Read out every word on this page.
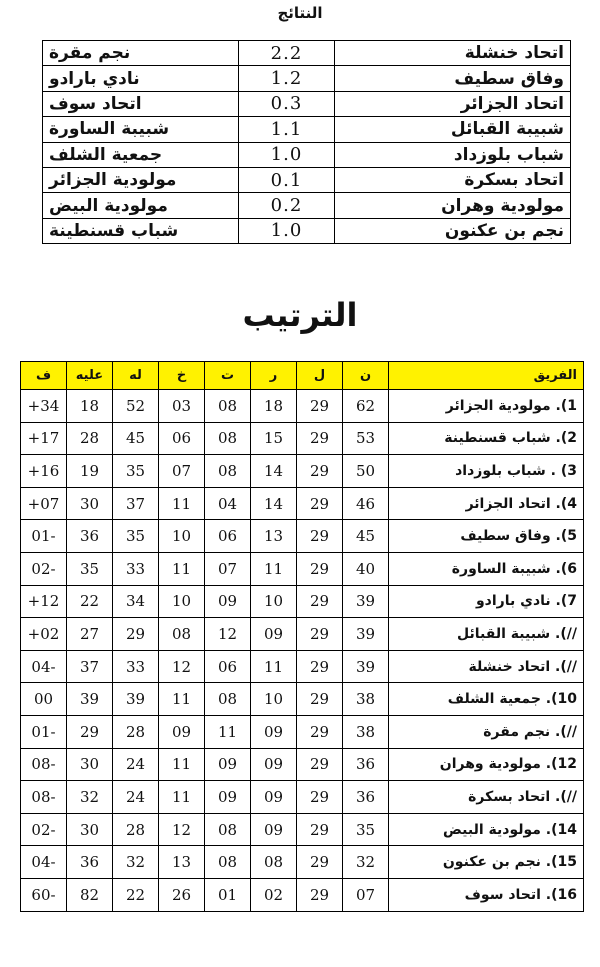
النتائج
نجم مقرة	2.2	اتحاد خنشلة
نادي بارادو	1.2	وفاق سطيف
اتحاد سوف	0.3	اتحاد الجزائر
شبيبة الساورة	1.1	شبيبة القبائل
جمعية الشلف	1.0	شباب بلوزداد
مولودية الجزائر	0.1	اتحاد بسكرة
مولودية البيض	0.2	مولودية وهران
شباب قسنطينة	1.0	نجم بن عكنون
الترتيب
ف	عليه	له	خ	ت	ر	ل	ن	الفريق
+34	18	52	03	08	18	29	62	1). مولودية الجزائر
+17	28	45	06	08	15	29	53	2). شباب قسنطينة
+16	19	35	07	08	14	29	50	3) . شباب بلوزداد
+07	30	37	11	04	14	29	46	4). اتحاد الجزائر
01-	36	35	10	06	13	29	45	5). وفاق سطيف
02-	35	33	11	07	11	29	40	6). شبيبة الساورة
+12	22	34	10	09	10	29	39	7). نادي بارادو
+02	27	29	08	12	09	29	39	//). شبيبة القبائل
04-	37	33	12	06	11	29	39	//). اتحاد خنشلة
00	39	39	11	08	10	29	38	10). جمعية الشلف
01-	29	28	09	11	09	29	38	//). نجم مقرة
08-	30	24	11	09	09	29	36	12). مولودية وهران
08-	32	24	11	09	09	29	36	//). اتحاد بسكرة
02-	30	28	12	08	09	29	35	14). مولودية البيض
04-	36	32	13	08	08	29	32	15). نجم بن عكنون
60-	82	22	26	01	02	29	07	16). اتحاد سوف
